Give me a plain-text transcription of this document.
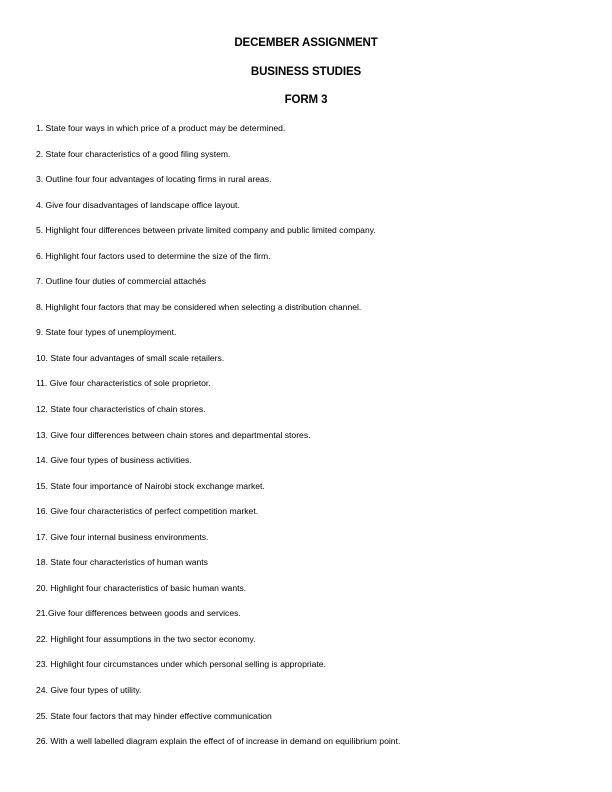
DECEMBER ASSIGNMENT
BUSINESS STUDIES
FORM 3
1. State four ways in which price of a product may be determined.
2. State four characteristics of a good filing system.
3. Outline four four advantages of locating firms in rural areas.
4. Give four disadvantages of landscape office layout.
5. Highlight four differences between private limited company and public limited company.
6. Highlight four factors used to determine the size of the firm.
7. Outline four duties of commercial attachés
8. Highlight four factors that may be considered when selecting a distribution channel.
9. State four types of unemployment.
10. State four advantages of small scale retailers.
11. Give four characteristics of sole proprietor.
12. State four characteristics of chain stores.
13. Give four differences between chain stores and departmental stores.
14. Give four types of business activities.
15. State four importance of Nairobi stock exchange market.
16. Give four characteristics of perfect competition market.
17. Give four internal business environments.
18. State four characteristics of human wants
20. Highlight four characteristics of basic human wants.
21.Give four differences between goods and services.
22. Highlight four assumptions in the two sector economy.
23. Highlight four circumstances under which personal selling is appropriate.
24. Give four types of utility.
25. State four factors that may hinder effective communication
26. With a well labelled diagram explain the effect of of increase in demand on equilibrium point.
